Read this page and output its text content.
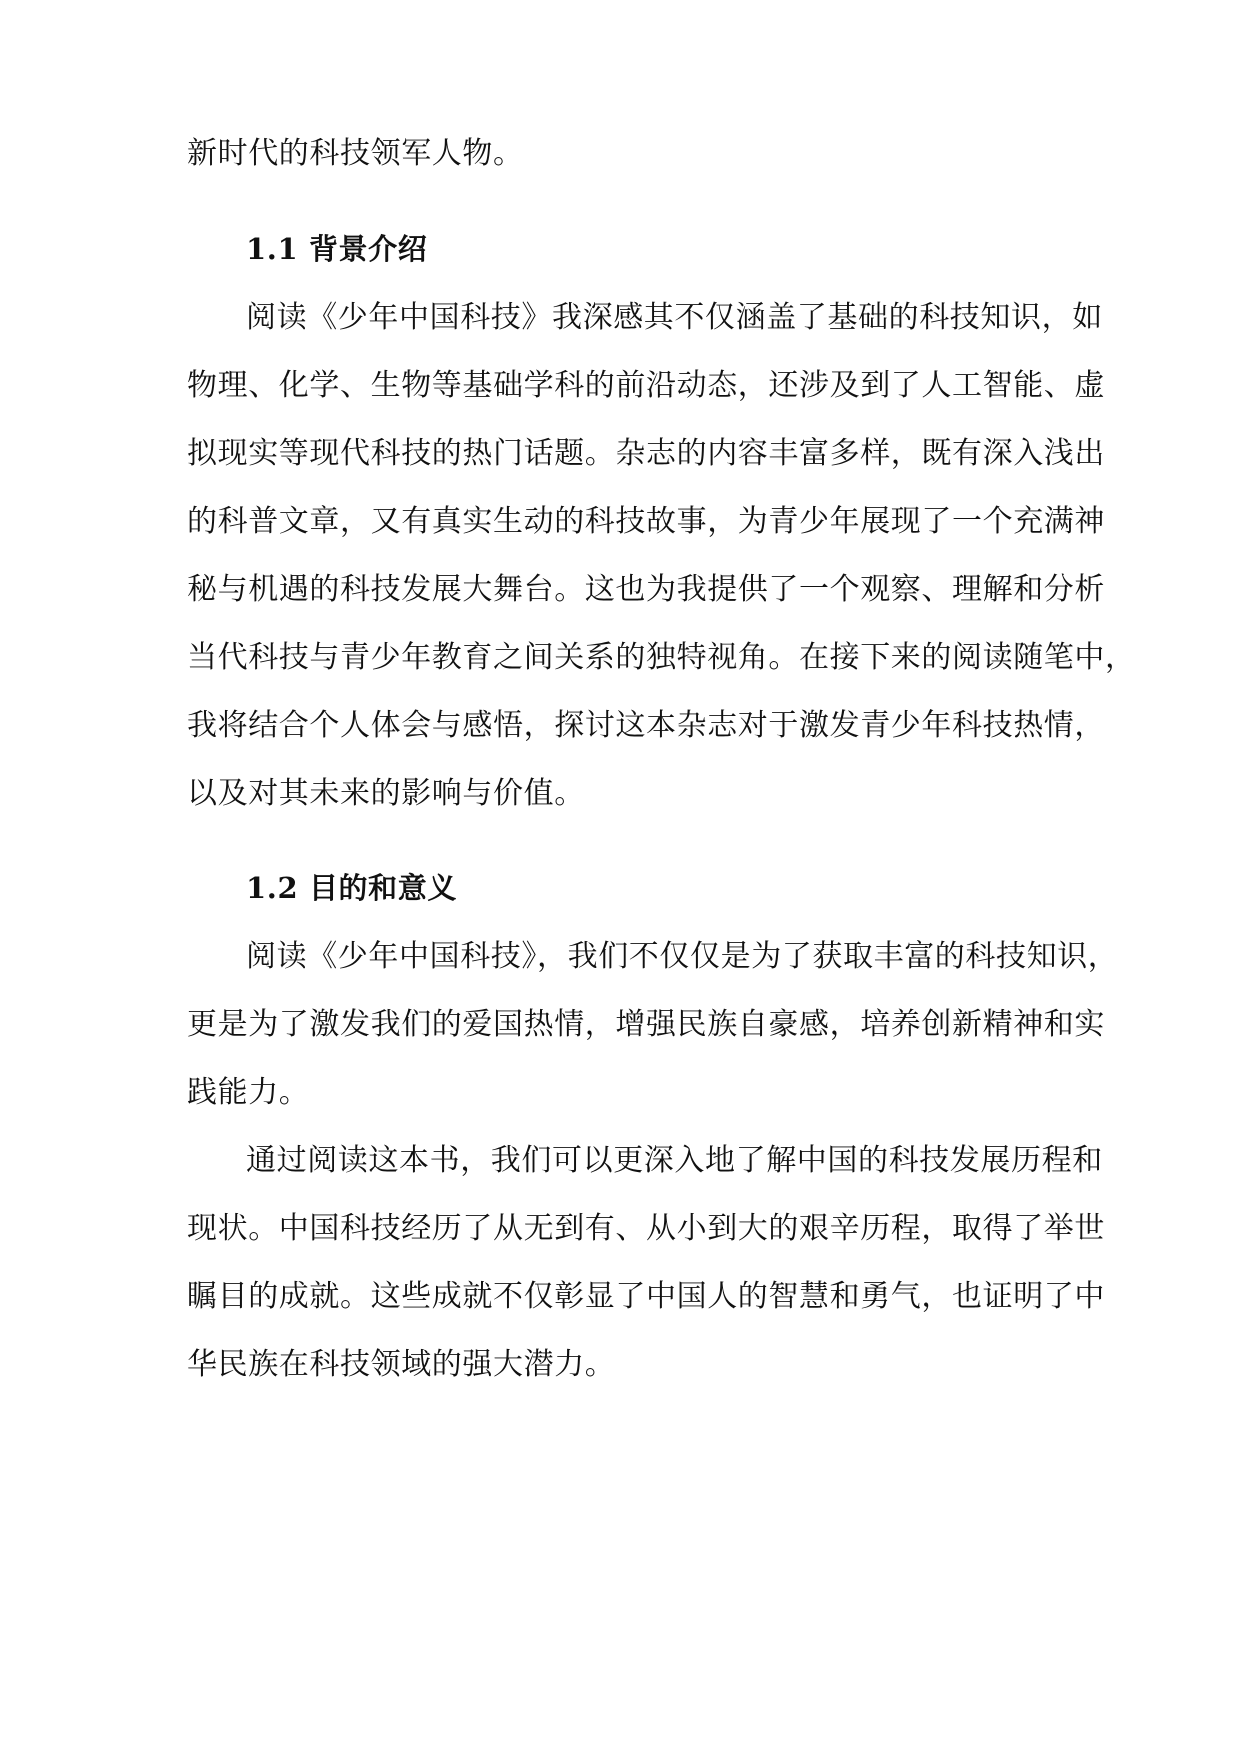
新时代的科技领军人物。
1.1 背景介绍
阅读《少年中国科技》我深感其不仅涵盖了基础的科技知识，如
物理、化学、生物等基础学科的前沿动态，还涉及到了人工智能、虚
拟现实等现代科技的热门话题。杂志的内容丰富多样，既有深入浅出
的科普文章，又有真实生动的科技故事，为青少年展现了一个充满神
秘与机遇的科技发展大舞台。这也为我提供了一个观察、理解和分析
当代科技与青少年教育之间关系的独特视角。在接下来的阅读随笔中，
我将结合个人体会与感悟，探讨这本杂志对于激发青少年科技热情，
以及对其未来的影响与价值。
1.2 目的和意义
阅读《少年中国科技》，我们不仅仅是为了获取丰富的科技知识，
更是为了激发我们的爱国热情，增强民族自豪感，培养创新精神和实
践能力。
通过阅读这本书，我们可以更深入地了解中国的科技发展历程和
现状。中国科技经历了从无到有、从小到大的艰辛历程，取得了举世
瞩目的成就。这些成就不仅彰显了中国人的智慧和勇气，也证明了中
华民族在科技领域的强大潜力。
